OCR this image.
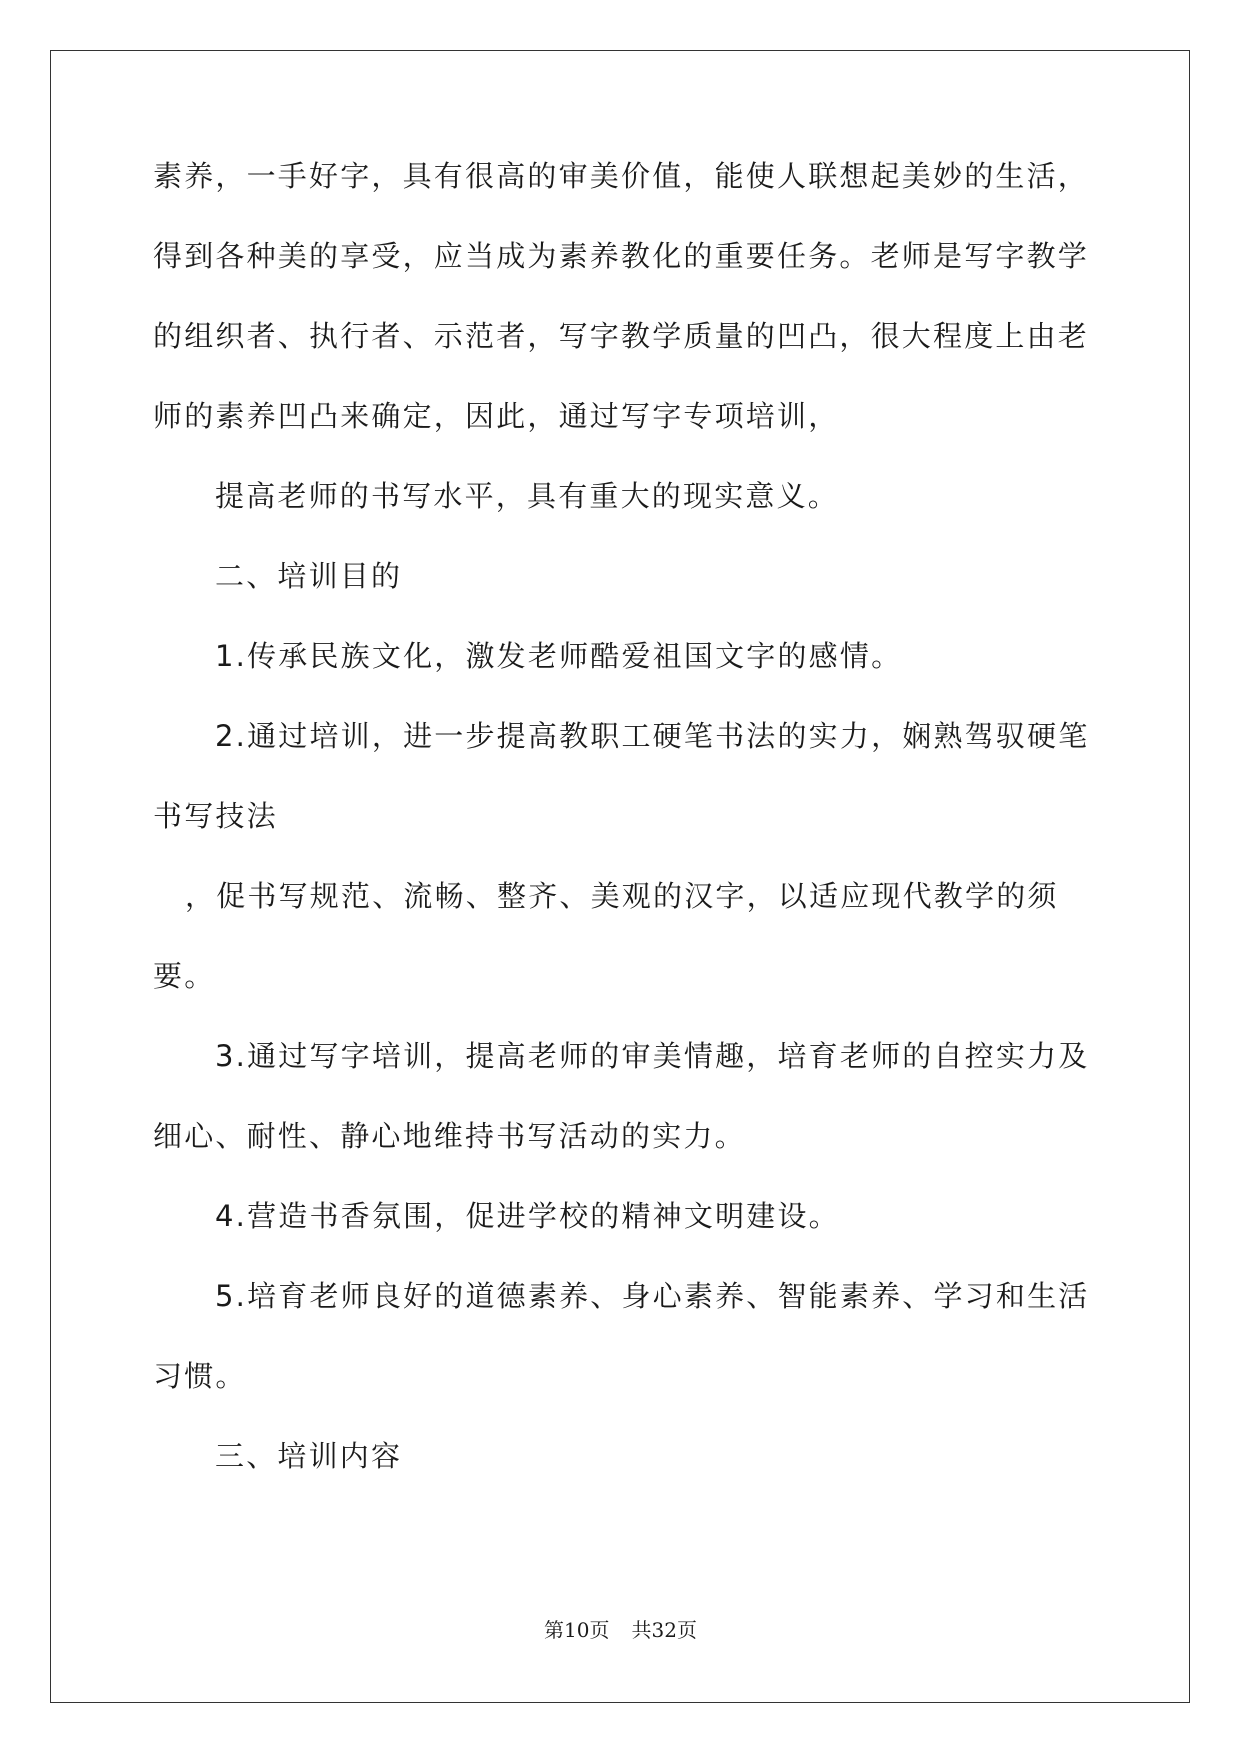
素养，一手好字，具有很高的审美价值，能使人联想起美妙的生活，
得到各种美的享受，应当成为素养教化的重要任务。老师是写字教学
的组织者、执行者、示范者，写字教学质量的凹凸，很大程度上由老
师的素养凹凸来确定，因此，通过写字专项培训，
提高老师的书写水平，具有重大的现实意义。
二、培训目的
1.传承民族文化，激发老师酷爱祖国文字的感情。
2.通过培训，进一步提高教职工硬笔书法的实力，娴熟驾驭硬笔
书写技法
，促书写规范、流畅、整齐、美观的汉字，以适应现代教学的须
要。
3.通过写字培训，提高老师的审美情趣，培育老师的自控实力及
细心、耐性、静心地维持书写活动的实力。
4.营造书香氛围，促进学校的精神文明建设。
5.培育老师良好的道德素养、身心素养、智能素养、学习和生活
习惯。
三、培训内容
第10页 共32页
